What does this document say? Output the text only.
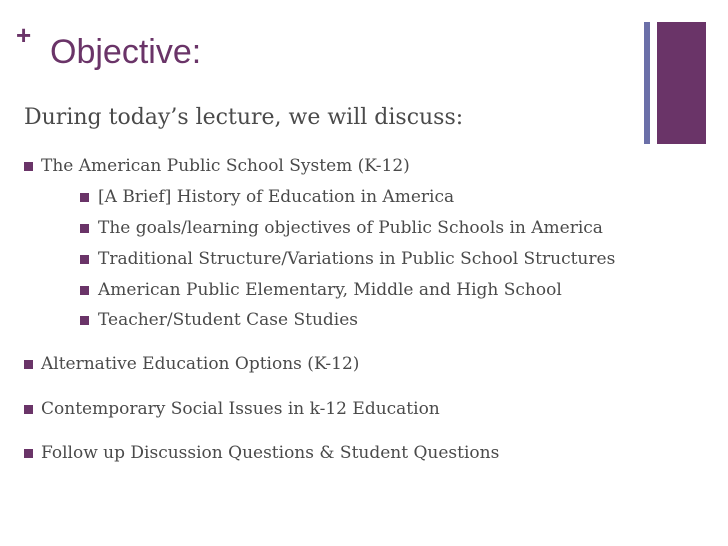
+ Objective:
During today’s lecture, we will discuss:
The American Public School System (K-12)
[A Brief] History of Education in America
The goals/learning objectives of Public Schools in America
Traditional Structure/Variations in Public School Structures
American Public Elementary, Middle and High School
Teacher/Student Case Studies
Alternative Education Options (K-12)
Contemporary Social Issues in k-12 Education
Follow up Discussion Questions & Student Questions
